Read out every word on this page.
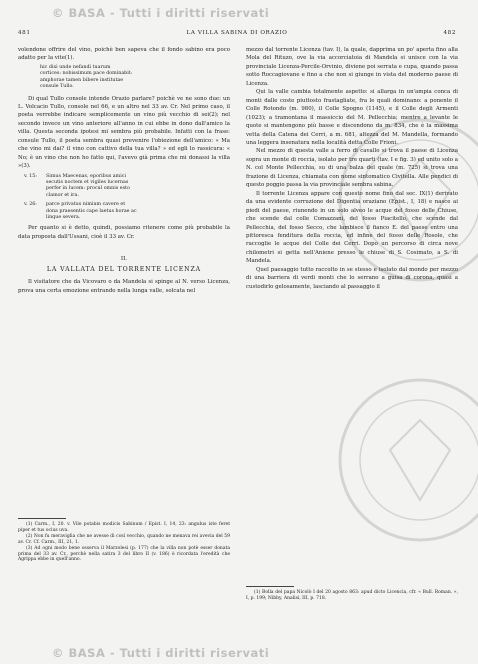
© BASA - Tutti i diritti riservati
481	LA VILLA SABINA DI ORAZIO	482

volendone offrire del vino, poichè ben sapeva che il fondo sabino era poco adatto per la vite(1).

hic dixi unde nefandi tuarum
cortices: nobissimum pace dominabit:
amphorae tamen bibere institutae
consule Tullo.

Di qual Tullo console intende Orazio parlare? poichè ve ne sono due: un L. Volcacio Tullo, console nel 66, e un altro nel 33 av. Cr. Nel primo caso, il poeta verrebbe indicare semplicemente un vino più vecchio di sei(2); nel secondo invece un vino anteriore all'anno in cui ebbe in dono dall'amico la villa. Questa seconda ipotesi mi sembra più probabile. Infatti con la frase: consule Tullo, il poeta sembra quasi prevenire l'obiezione dell'amico: « Ma che vino mi dai? il vino con cattivo della tua villa? » ed egli lo rassicura: « No; è un vino che non ho fatto qui, l'avevo già prima che mi donassi la villa »(3).

v. 15:	Simus Maecenas, eporibus amici
secutis noctem et vigiles lucernas
perfer in lucem: procul omnis esto
clamor et ira.
v. 26:	parce privatus nimium cavere et
dona praesentis cape laetus horae ac
linque severa.

Per quanto si è detto, quindi, possiamo ritenere come più probabile la data proposta dall'Ussani, cioè il 33 av. Cr.

II.
LA VALLATA DEL TORRENTE LICENZA

Il visitatore che da Vicovaro o da Mandela si spinge al N. verso Licenza, prova una certa emozione entrando nella lunga valle, solcata nel

(1) Carm., I, 20. v. Vile potabis modicis Sabinum / Epist. I, 14, 23: angulus iste feret piper et tus ocius uva.

(2) Non fu meraviglia che ne avesse di così vecchio, quando ne menava rei avevia del 59 av. Cr. Cf. Carm., III, 21, 1.

(3) Ad ogni modo bene osserva il Marzolesi (p. 177) che la villa non potè esser donata prima del 33 av. Cr., perchè nella satira 3 del libro II (v. 186) è ricordata l'eredità che Agrippa ebbe in quell'anno.

mezzo dal torrente Licenza (tav. I), la quale, dapprima un po' aperta fino alla Mola del Rituzo, ove la via accorciatoia di Mandela si unisce con la via provinciale Licenza-Percile-Orvinio, diviene poi serrata e cupa, quando passa sotto Roccagiovane e fino a che non si giunge in vista del moderno paese di Licenza.

Qui la valle cambia totalmente aspetto: si allarga in un'ampia conca di monti dalle coste piuttosto frastagliate, fra le quali dominano: a ponente il Colle Rotondo (m. 980), il Colle Spogno (1145), e il Colle degli Armenti (1023); a tramontana il massiccio del M. Pellecchia; mentre a levante le quote si mantengono più basse e discendono da m. 834, che è la massima vetta della Catena dei Cerri, a m. 681, altezza del M. Mandella, formando una leggera insenatura nella località detta Colle Frioni.

Nel mezzo di questa valle a ferro di cavallo si trova il paese di Licenza sopra un monte di roccia, isolato per tre quarti (tav. I e fig. 3) ed unito solo a N. col Monte Pellecchia, su di una balza del quale (m. 725) si trova una frazione di Licenza, chiamata con nome sintomatico Civitella. Alle pendici di questo poggio passa la via provinciale sembra sabina.

Il torrente Licenza appare con questo nome fino dal sec. IX(1) derivato da una evidente corruzione del Digentia oraziano (Epist., I, 18) e nasce ai piedi del paese, riunendo in un solo alveo le acque del fosso delle Chiuse, che scende dal colle Comazzani, del fosso Piacitello, che scende dal Pellecchia, del fosso Secco, che lambisce il fianco E. del paese entro una pittoresca fenditura della roccia, ed infine del fosso delle Rosole, che raccoglie le acque del Colle dei Cerri. Dopo un percorso di circa nove chilometri si getta nell'Aniene presso le chiuse di S. Cosimato, a S. di Mandela.

Quel paesaggio tutto raccolto in se stesso e isolato dal mondo per mezzo di una barriera di verdi monti che lo serrano a guisa di corona, quasi a custodirlo gelosamente, lasciando al passaggio il

(1) Bolla del papa Nicolò I del 20 agosto 863: apud dicto Licencia, cfr. « Bull. Roman. », I, p. 199; Nibby, Analisi, III, p. 718.

© BASA - Tutti i diritti riservati
